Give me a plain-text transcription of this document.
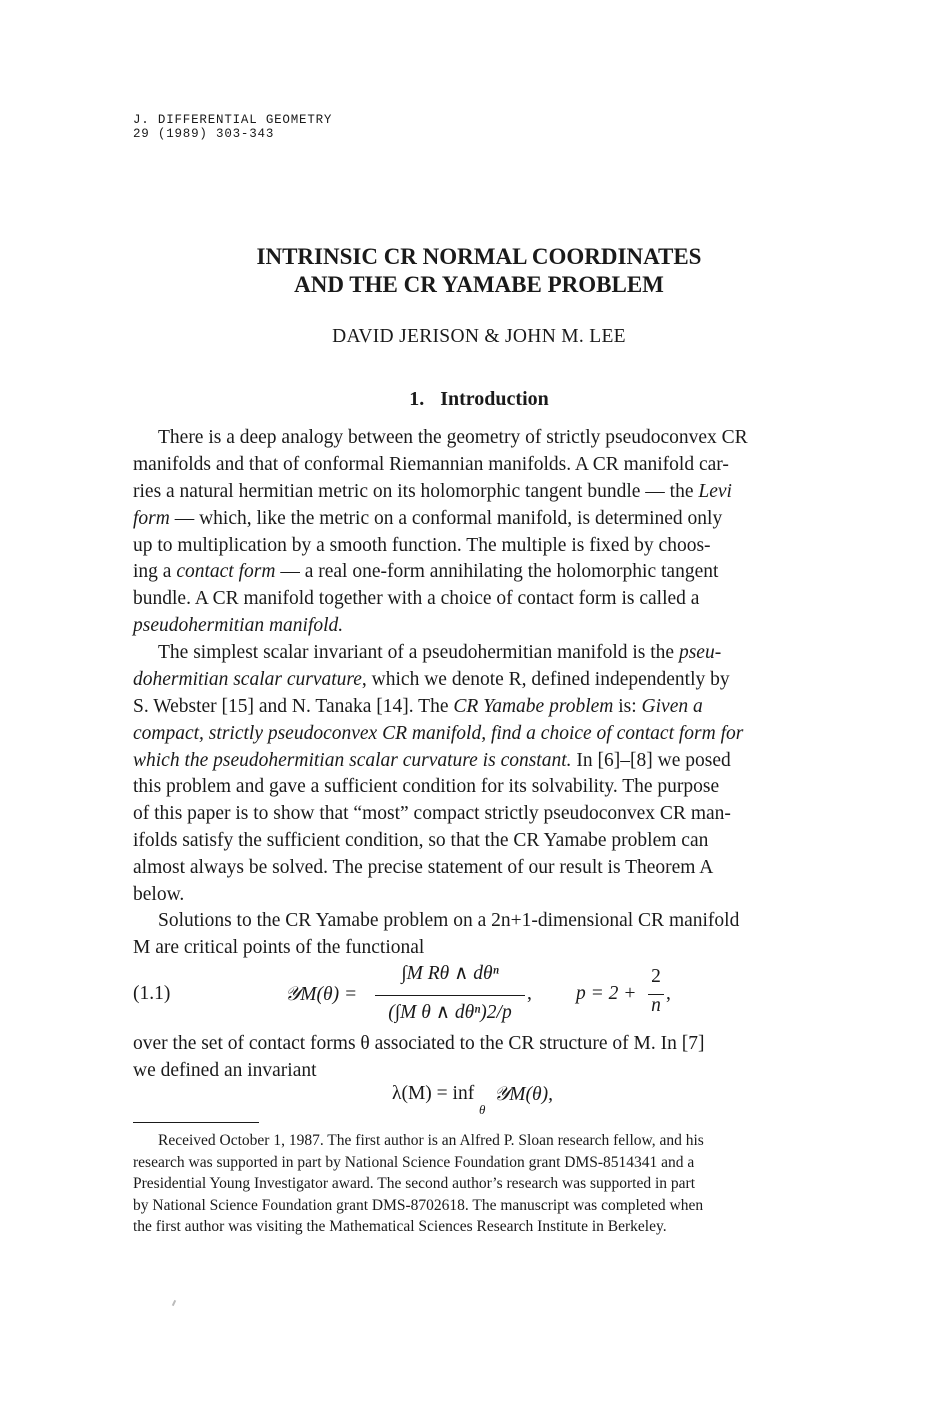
J. DIFFERENTIAL GEOMETRY
29 (1989) 303-343
INTRINSIC CR NORMAL COORDINATES
AND THE CR YAMABE PROBLEM
DAVID JERISON & JOHN M. LEE
1. Introduction
There is a deep analogy between the geometry of strictly pseudoconvex CR
manifolds and that of conformal Riemannian manifolds. A CR manifold car-
ries a natural hermitian metric on its holomorphic tangent bundle — the Levi
form — which, like the metric on a conformal manifold, is determined only
up to multiplication by a smooth function. The multiple is fixed by choos-
ing a contact form — a real one-form annihilating the holomorphic tangent
bundle. A CR manifold together with a choice of contact form is called a
pseudohermitian manifold.
The simplest scalar invariant of a pseudohermitian manifold is the pseu-
dohermitian scalar curvature, which we denote R, defined independently by
S. Webster [15] and N. Tanaka [14]. The CR Yamabe problem is: Given a
compact, strictly pseudoconvex CR manifold, find a choice of contact form for
which the pseudohermitian scalar curvature is constant. In [6]–[8] we posed
this problem and gave a sufficient condition for its solvability. The purpose
of this paper is to show that “most” compact strictly pseudoconvex CR man-
ifolds satisfy the sufficient condition, so that the CR Yamabe problem can
almost always be solved. The precise statement of our result is Theorem A
below.
Solutions to the CR Yamabe problem on a 2n+1-dimensional CR manifold
M are critical points of the functional
(1.1)	𝒴M(θ) =
∫M Rθ ∧ dθⁿ
(∫M θ ∧ dθⁿ)2/p
, p = 2 +
2
n
,
over the set of contact forms θ associated to the CR structure of M. In [7]
we defined an invariant
λ(M) = inf
θ
𝒴M(θ),
Received October 1, 1987. The first author is an Alfred P. Sloan research fellow, and his
research was supported in part by National Science Foundation grant DMS-8514341 and a
Presidential Young Investigator award. The second author’s research was supported in part
by National Science Foundation grant DMS-8702618. The manuscript was completed when
the first author was visiting the Mathematical Sciences Research Institute in Berkeley.
